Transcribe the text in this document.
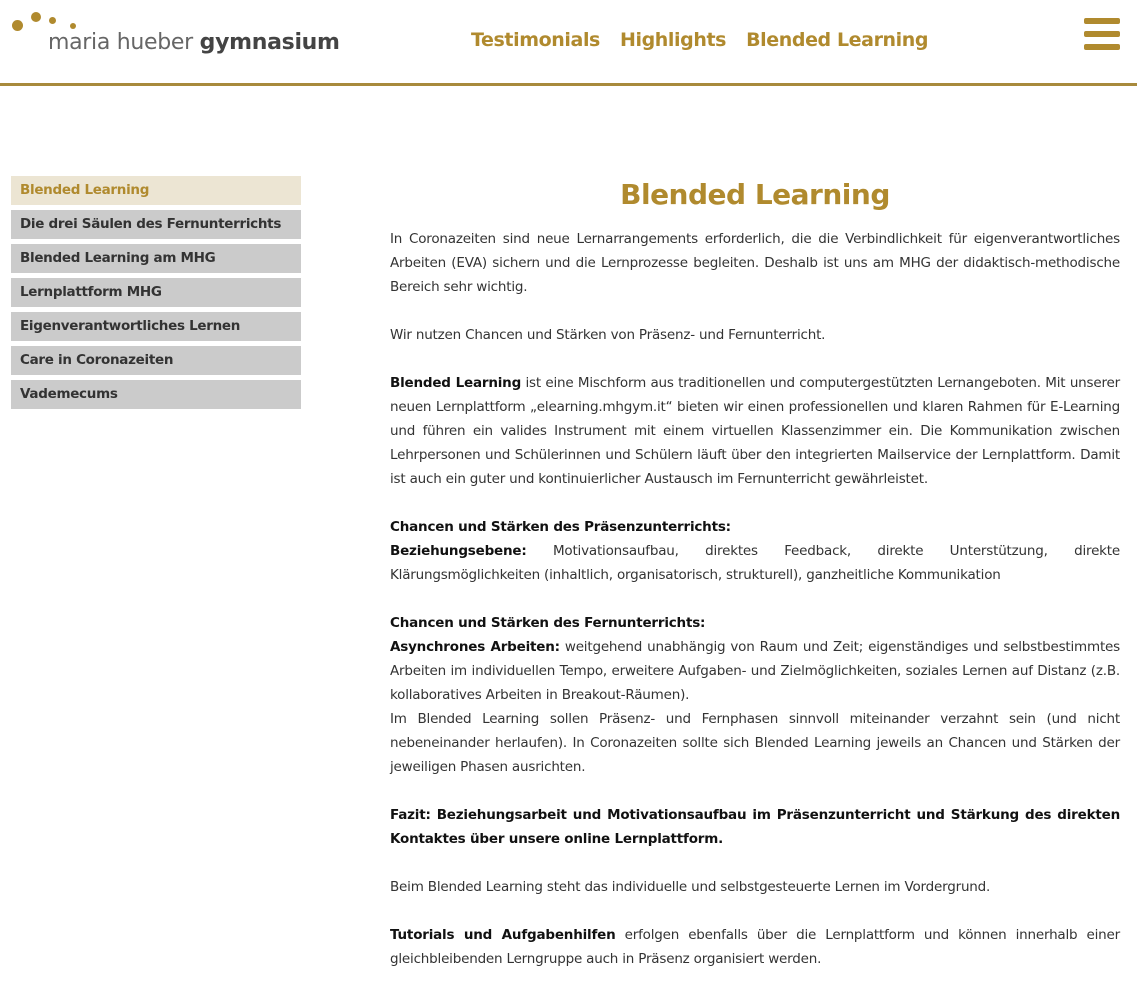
maria hueber gymnasium	Testimonials Highlights Blended Learning
Blended Learning
Die drei Säulen des Fernunterrichts
Blended Learning am MHG
Lernplattform MHG
Eigenverantwortliches Lernen
Care in Coronazeiten
Vademecums
Blended Learning

In Coronazeiten sind neue Lernarrangements erforderlich, die die Verbindlichkeit für eigenverantwortliches Arbeiten (EVA) sichern und die Lernprozesse begleiten. Deshalb ist uns am MHG der didaktisch-methodische Bereich sehr wichtig.

Wir nutzen Chancen und Stärken von Präsenz- und Fernunterricht.

Blended Learning ist eine Mischform aus traditionellen und computergestützten Lernangeboten. Mit unserer neuen Lernplattform „elearning.mhgym.it“ bieten wir einen professionellen und klaren Rahmen für E-Learning und führen ein valides Instrument mit einem virtuellen Klassenzimmer ein. Die Kommunikation zwischen Lehrpersonen und Schülerinnen und Schülern läuft über den integrierten Mailservice der Lernplattform. Damit ist auch ein guter und kontinuierlicher Austausch im Fernunterricht gewährleistet.

Chancen und Stärken des Präsenzunterrichts:

Beziehungsebene: Motivationsaufbau, direktes Feedback, direkte Unterstützung, direkte Klärungsmöglichkeiten (inhaltlich, organisatorisch, strukturell), ganzheitliche Kommunikation

Chancen und Stärken des Fernunterrichts:

Asynchrones Arbeiten: weitgehend unabhängig von Raum und Zeit; eigenständiges und selbstbestimmtes Arbeiten im individuellen Tempo, erweitere Aufgaben- und Zielmöglichkeiten, soziales Lernen auf Distanz (z.B. kollaboratives Arbeiten in Breakout-Räumen).

Im Blended Learning sollen Präsenz- und Fernphasen sinnvoll miteinander verzahnt sein (und nicht nebeneinander herlaufen). In Coronazeiten sollte sich Blended Learning jeweils an Chancen und Stärken der jeweiligen Phasen ausrichten.

Fazit: Beziehungsarbeit und Motivationsaufbau im Präsenzunterricht und Stärkung des direkten Kontaktes über unsere online Lernplattform.

Beim Blended Learning steht das individuelle und selbstgesteuerte Lernen im Vordergrund.

Tutorials und Aufgabenhilfen erfolgen ebenfalls über die Lernplattform und können innerhalb einer gleichbleibenden Lerngruppe auch in Präsenz organisiert werden.
